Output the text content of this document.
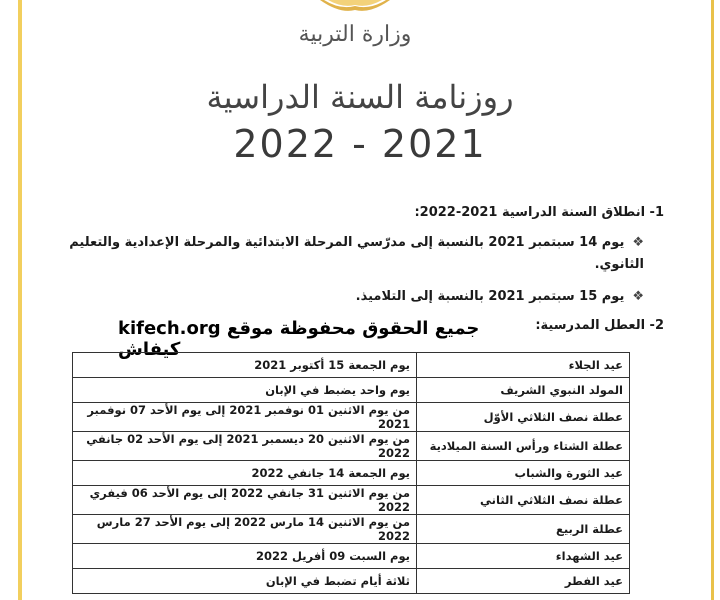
وزارة التربية
روزنامة السنة الدراسية
2022 - 2021
1- انطلاق السنة الدراسية 2021-2022:
❖يوم 14 سبتمبر 2021 بالنسبة إلى مدرّسي المرحلة الابتدائية والمرحلة الإعدادية والتعليم الثانوي.
❖يوم 15 سبتمبر 2021 بالنسبة إلى التلاميذ.
kifech.org جميع الحقوق محفوظة موقع كيفاش
2- العطل المدرسية:
عيد الجلاء	يوم الجمعة 15 أكتوبر 2021
المولد النبوي الشريف	يوم واحد يضبط في الإبان
عطلة نصف الثلاثي الأوّل	من يوم الاثنين 01 نوفمبر 2021 إلى يوم الأحد 07 نوفمبر 2021
عطلة الشتاء ورأس السنة الميلادية	من يوم الاثنين 20 ديسمبر 2021 إلى يوم الأحد 02 جانفي 2022
عيد الثورة والشباب	يوم الجمعة 14 جانفي 2022
عطلة نصف الثلاثي الثاني	من يوم الاثنين 31 جانفي 2022 إلى يوم الأحد 06 فيفري 2022
عطلة الربيع	من يوم الاثنين 14 مارس 2022 إلى يوم الأحد 27 مارس 2022
عيد الشهداء	يوم السبت 09 أفريل 2022
عيد الفطر	ثلاثة أيام تضبط في الإبان
